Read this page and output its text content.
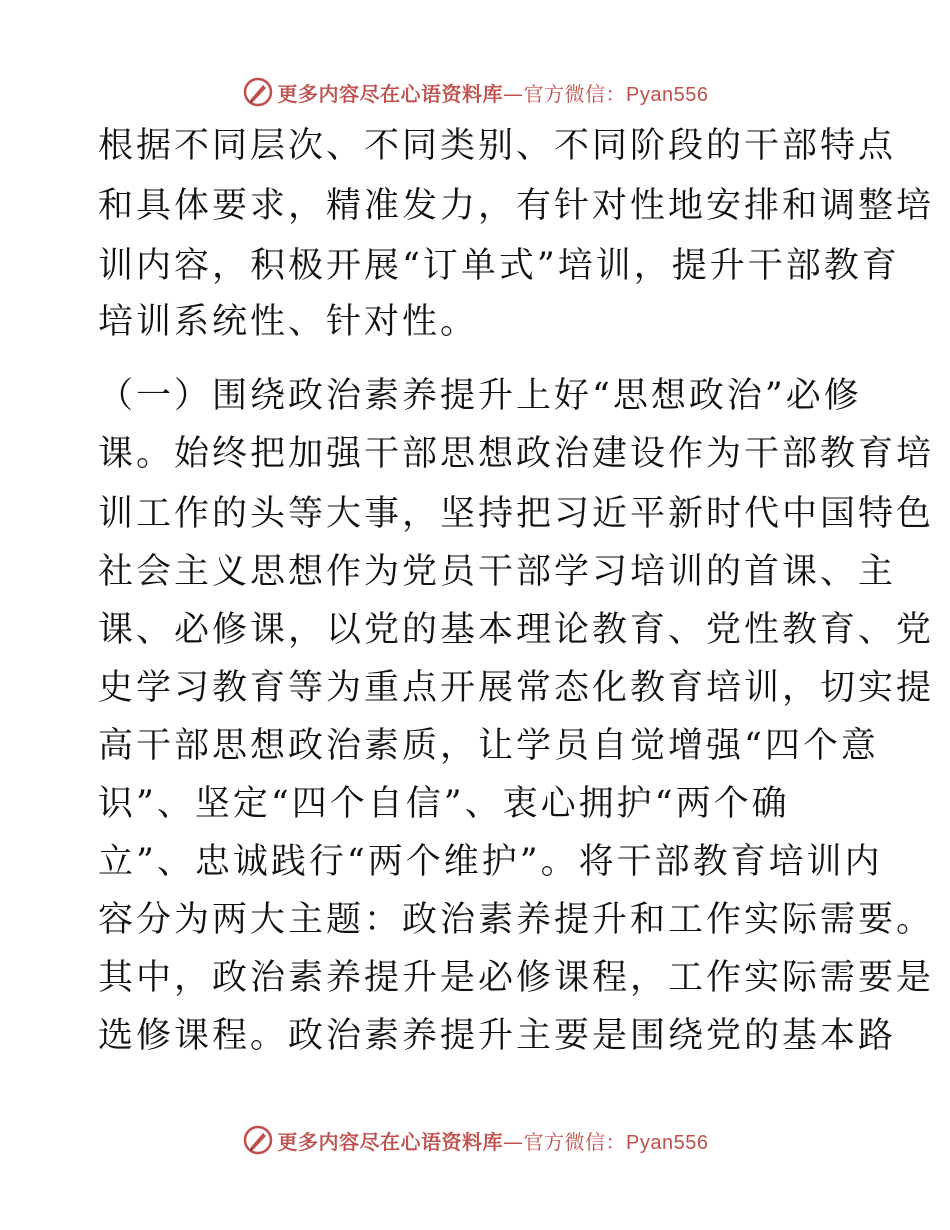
更多内容尽在心语资料库—官方微信：Pyan556
根据不同层次、不同类别、不同阶段的干部特点
和具体要求，精准发力，有针对性地安排和调整培
训内容，积极开展“订单式”培训，提升干部教育
培训系统性、针对性。
（一）围绕政治素养提升上好“思想政治”必修
课。始终把加强干部思想政治建设作为干部教育培
训工作的头等大事，坚持把习近平新时代中国特色
社会主义思想作为党员干部学习培训的首课、主
课、必修课，以党的基本理论教育、党性教育、党
史学习教育等为重点开展常态化教育培训，切实提
高干部思想政治素质，让学员自觉增强“四个意
识”、坚定“四个自信”、衷心拥护“两个确
立”、忠诚践行“两个维护”。将干部教育培训内
容分为两大主题：政治素养提升和工作实际需要。
其中，政治素养提升是必修课程，工作实际需要是
选修课程。政治素养提升主要是围绕党的基本路
更多内容尽在心语资料库—官方微信：Pyan556
